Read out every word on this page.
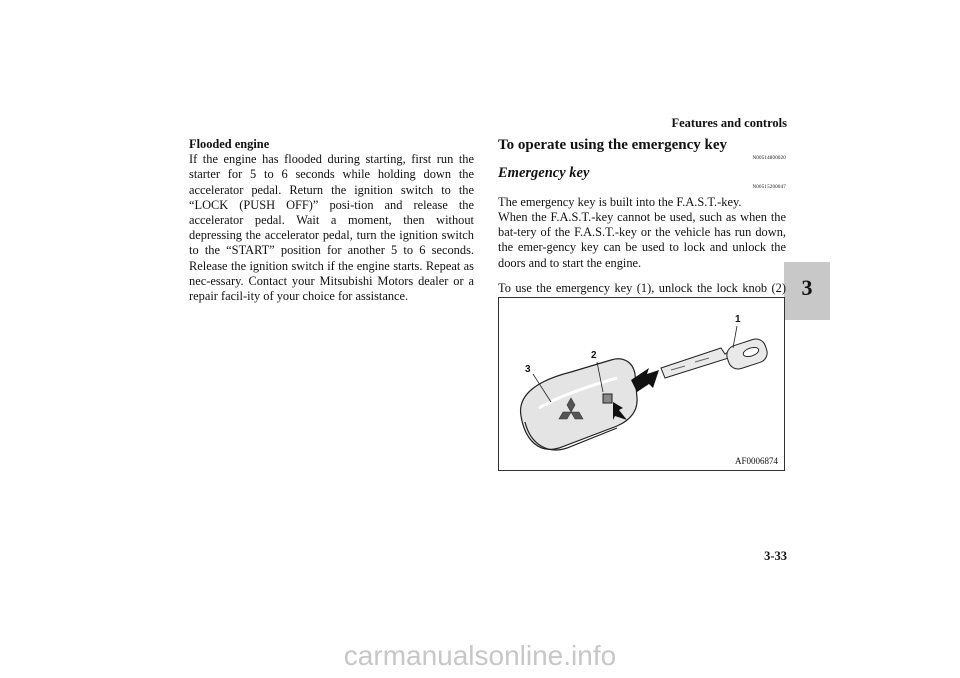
Features and controls
3

Flooded engine

If the engine has flooded during starting, first run the starter for 5 to 6 seconds while holding down the accelerator pedal. Return the ignition switch to the “LOCK (PUSH OFF)” posi-tion and release the accelerator pedal. Wait a moment, then without depressing the accelerator pedal, turn the ignition switch to the “START” position for another 5 to 6 seconds. Release the ignition switch if the engine starts. Repeat as nec-essary. Contact your Mitsubishi Motors dealer or a repair facil-ity of your choice for assistance.

To operate using the emergency key
N00514800020
Emergency key
N00515200047

The emergency key is built into the F.A.S.T.-key.

When the F.A.S.T.-key cannot be used, such as when the bat-tery of the F.A.S.T.-key or the vehicle has run down, the emer-gency key can be used to lock and unlock the doors and to start the engine.

To use the emergency key (1), unlock the lock knob (2)

1
2
3
AF0006874
3-33
carmanualsonline.info
